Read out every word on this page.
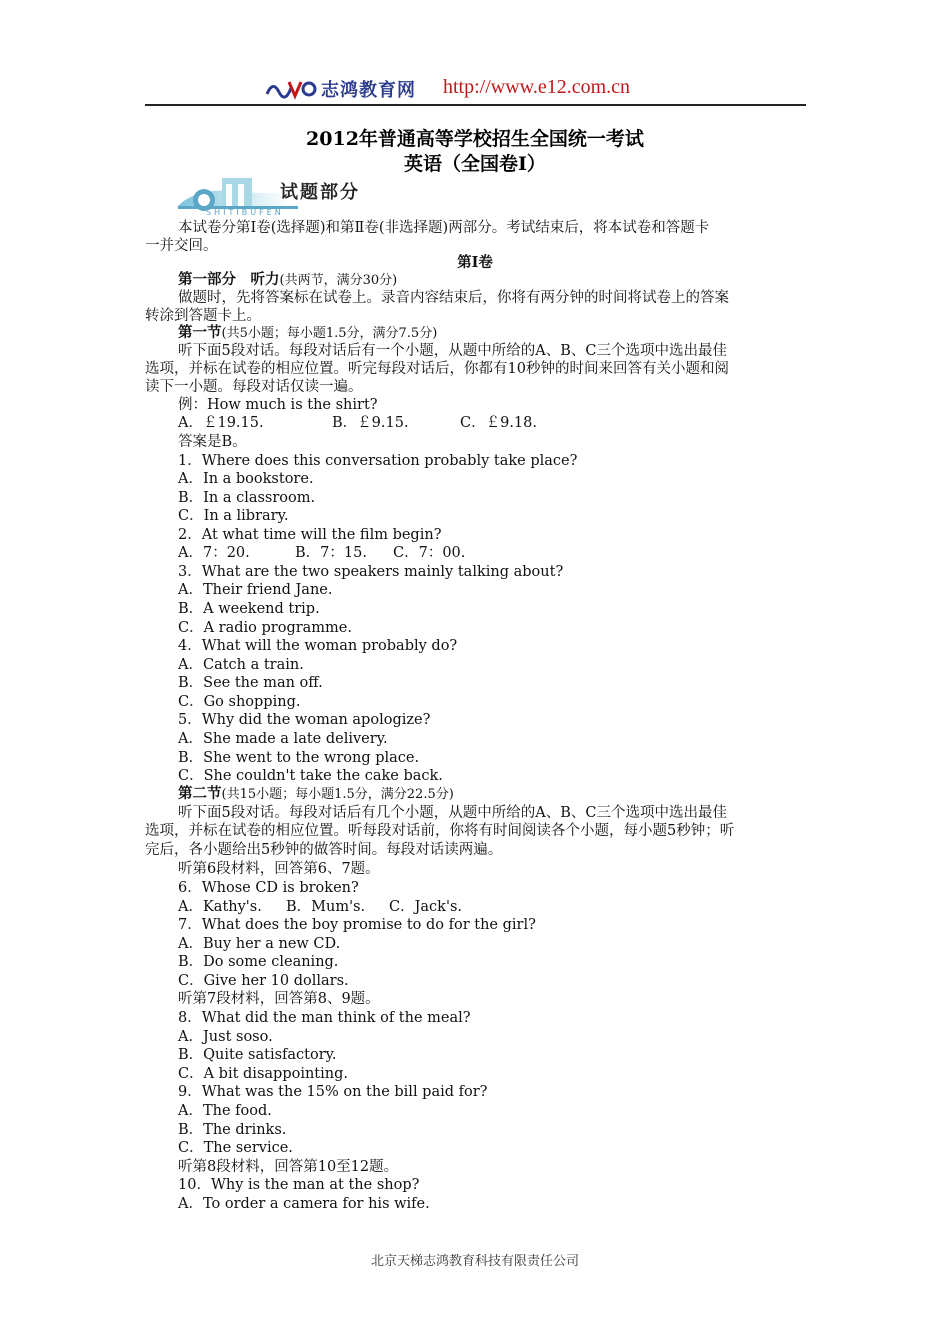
志鸿教育网 http://www.e12.com.cn
2012年普通高等学校招生全国统一考试
英语（全国卷Ⅰ）
试题部分
SHITIBUFEN
本试卷分第Ⅰ卷(选择题)和第Ⅱ卷(非选择题)两部分。考试结束后，将本试卷和答题卡
一并交回。
第Ⅰ卷
第一部分　听力(共两节，满分30分)
做题时，先将答案标在试卷上。录音内容结束后，你将有两分钟的时间将试卷上的答案
转涂到答题卡上。
第一节(共5小题；每小题1.5分，满分7.5分)
听下面5段对话。每段对话后有一个小题，从题中所给的A、B、C三个选项中选出最佳
选项，并标在试卷的相应位置。听完每段对话后，你都有10秒钟的时间来回答有关小题和阅
读下一小题。每段对话仅读一遍。
例：How much is the shirt?
A．￡19.15.	B．￡9.15.	C．￡9.18.
答案是B。
1．Where does this conversation probably take place?
A．In a bookstore.
B．In a classroom.
C．In a library.
2．At what time will the film begin?
A．7：20.	B．7：15. C．7：00.
3．What are the two speakers mainly talking about?
A．Their friend Jane.
B．A weekend trip.
C．A radio programme.
4．What will the woman probably do?
A．Catch a train.
B．See the man off.
C．Go shopping.
5．Why did the woman apologize?
A．She made a late delivery.
B．She went to the wrong place.
C．She couldn't take the cake back.
第二节(共15小题；每小题1.5分，满分22.5分)
听下面5段对话。每段对话后有几个小题，从题中所给的A、B、C三个选项中选出最佳
选项，并标在试卷的相应位置。听每段对话前，你将有时间阅读各个小题，每小题5秒钟；听
完后，各小题给出5秒钟的做答时间。每段对话读两遍。
听第6段材料，回答第6、7题。
6．Whose CD is broken?
A．Kathy's. B．Mum's. C．Jack's.
7．What does the boy promise to do for the girl?
A．Buy her a new CD.
B．Do some cleaning.
C．Give her 10 dollars.
听第7段材料，回答第8、9题。
8．What did the man think of the meal?
A．Just soso.
B．Quite satisfactory.
C．A bit disappointing.
9．What was the 15% on the bill paid for?
A．The food.
B．The drinks.
C．The service.
听第8段材料，回答第10至12题。
10．Why is the man at the shop?
A．To order a camera for his wife.
北京天梯志鸿教育科技有限责任公司
